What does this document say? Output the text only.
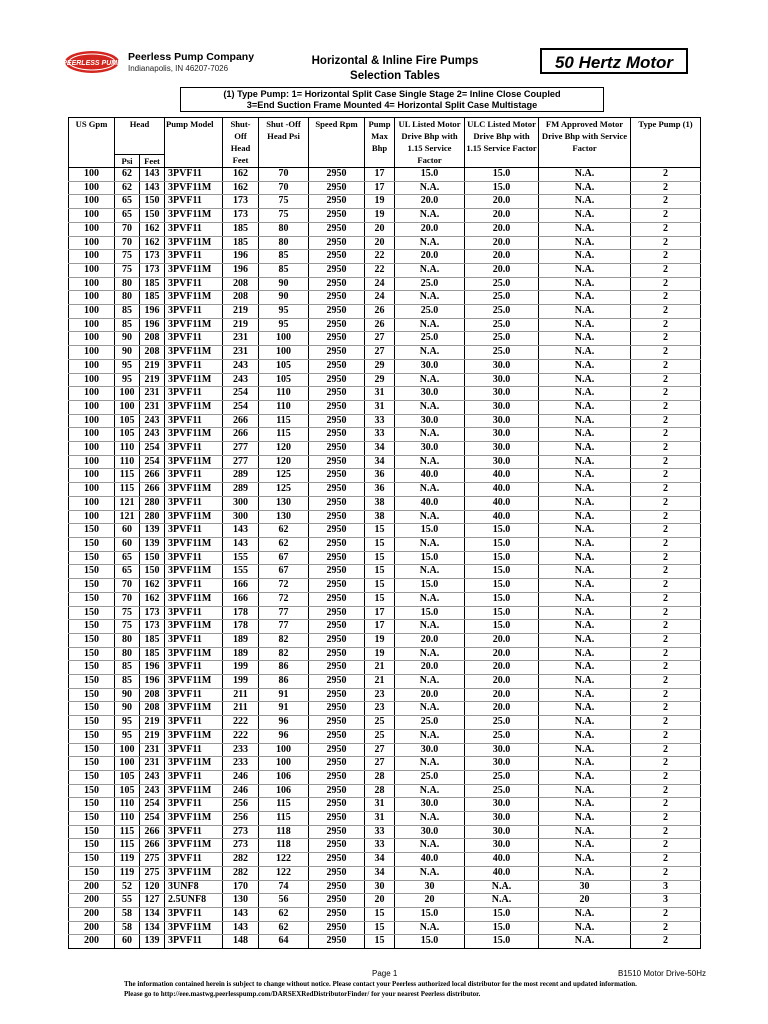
PEERLESS PUMP
Peerless Pump Company
Indianapolis, IN 46207-7026
Horizontal & Inline Fire Pumps
Selection Tables
50 Hertz Motor
(1) Type Pump: 1= Horizontal Split Case Single Stage 2= Inline Close Coupled
3=End Suction Frame Mounted 4= Horizontal Split Case Multistage
US Gpm	Head		Pump Model	Shut- Off Head Feet	Shut -Off Head Psi	Speed Rpm	Pump Max Bhp	UL Listed Motor Drive Bhp with 1.15 Service Factor	ULC Listed Motor Drive Bhp with 1.15 Service Factor	FM Approved Motor Drive Bhp with Service Factor	Type Pump (1)
	Psi	Feet									
100	62	143	3PVF11	162	70	2950	17	15.0	15.0	N.A.	2
100	62	143	3PVF11M	162	70	2950	17	N.A.	15.0	N.A.	2
100	65	150	3PVF11	173	75	2950	19	20.0	20.0	N.A.	2
100	65	150	3PVF11M	173	75	2950	19	N.A.	20.0	N.A.	2
100	70	162	3PVF11	185	80	2950	20	20.0	20.0	N.A.	2
100	70	162	3PVF11M	185	80	2950	20	N.A.	20.0	N.A.	2
100	75	173	3PVF11	196	85	2950	22	20.0	20.0	N.A.	2
100	75	173	3PVF11M	196	85	2950	22	N.A.	20.0	N.A.	2
100	80	185	3PVF11	208	90	2950	24	25.0	25.0	N.A.	2
100	80	185	3PVF11M	208	90	2950	24	N.A.	25.0	N.A.	2
100	85	196	3PVF11	219	95	2950	26	25.0	25.0	N.A.	2
100	85	196	3PVF11M	219	95	2950	26	N.A.	25.0	N.A.	2
100	90	208	3PVF11	231	100	2950	27	25.0	25.0	N.A.	2
100	90	208	3PVF11M	231	100	2950	27	N.A.	25.0	N.A.	2
100	95	219	3PVF11	243	105	2950	29	30.0	30.0	N.A.	2
100	95	219	3PVF11M	243	105	2950	29	N.A.	30.0	N.A.	2
100	100	231	3PVF11	254	110	2950	31	30.0	30.0	N.A.	2
100	100	231	3PVF11M	254	110	2950	31	N.A.	30.0	N.A.	2
100	105	243	3PVF11	266	115	2950	33	30.0	30.0	N.A.	2
100	105	243	3PVF11M	266	115	2950	33	N.A.	30.0	N.A.	2
100	110	254	3PVF11	277	120	2950	34	30.0	30.0	N.A.	2
100	110	254	3PVF11M	277	120	2950	34	N.A.	30.0	N.A.	2
100	115	266	3PVF11	289	125	2950	36	40.0	40.0	N.A.	2
100	115	266	3PVF11M	289	125	2950	36	N.A.	40.0	N.A.	2
100	121	280	3PVF11	300	130	2950	38	40.0	40.0	N.A.	2
100	121	280	3PVF11M	300	130	2950	38	N.A.	40.0	N.A.	2
150	60	139	3PVF11	143	62	2950	15	15.0	15.0	N.A.	2
150	60	139	3PVF11M	143	62	2950	15	N.A.	15.0	N.A.	2
150	65	150	3PVF11	155	67	2950	15	15.0	15.0	N.A.	2
150	65	150	3PVF11M	155	67	2950	15	N.A.	15.0	N.A.	2
150	70	162	3PVF11	166	72	2950	15	15.0	15.0	N.A.	2
150	70	162	3PVF11M	166	72	2950	15	N.A.	15.0	N.A.	2
150	75	173	3PVF11	178	77	2950	17	15.0	15.0	N.A.	2
150	75	173	3PVF11M	178	77	2950	17	N.A.	15.0	N.A.	2
150	80	185	3PVF11	189	82	2950	19	20.0	20.0	N.A.	2
150	80	185	3PVF11M	189	82	2950	19	N.A.	20.0	N.A.	2
150	85	196	3PVF11	199	86	2950	21	20.0	20.0	N.A.	2
150	85	196	3PVF11M	199	86	2950	21	N.A.	20.0	N.A.	2
150	90	208	3PVF11	211	91	2950	23	20.0	20.0	N.A.	2
150	90	208	3PVF11M	211	91	2950	23	N.A.	20.0	N.A.	2
150	95	219	3PVF11	222	96	2950	25	25.0	25.0	N.A.	2
150	95	219	3PVF11M	222	96	2950	25	N.A.	25.0	N.A.	2
150	100	231	3PVF11	233	100	2950	27	30.0	30.0	N.A.	2
150	100	231	3PVF11M	233	100	2950	27	N.A.	30.0	N.A.	2
150	105	243	3PVF11	246	106	2950	28	25.0	25.0	N.A.	2
150	105	243	3PVF11M	246	106	2950	28	N.A.	25.0	N.A.	2
150	110	254	3PVF11	256	115	2950	31	30.0	30.0	N.A.	2
150	110	254	3PVF11M	256	115	2950	31	N.A.	30.0	N.A.	2
150	115	266	3PVF11	273	118	2950	33	30.0	30.0	N.A.	2
150	115	266	3PVF11M	273	118	2950	33	N.A.	30.0	N.A.	2
150	119	275	3PVF11	282	122	2950	34	40.0	40.0	N.A.	2
150	119	275	3PVF11M	282	122	2950	34	N.A.	40.0	N.A.	2
200	52	120	3UNF8	170	74	2950	30	30	N.A.	30	3
200	55	127	2.5UNF8	130	56	2950	20	20	N.A.	20	3
200	58	134	3PVF11	143	62	2950	15	15.0	15.0	N.A.	2
200	58	134	3PVF11M	143	62	2950	15	N.A.	15.0	N.A.	2
200	60	139	3PVF11	148	64	2950	15	15.0	15.0	N.A.	2
Page 1	B1510 Motor Drive-50Hz
The information contained herein is subject to change without notice. Please contact your Peerless authorized local distributor for the most recent and updated information.
Please go to http://eee.mastwg.peerlesspump.com/DARSEXRedDistributorFinder/ for your nearest Peerless distributor.
